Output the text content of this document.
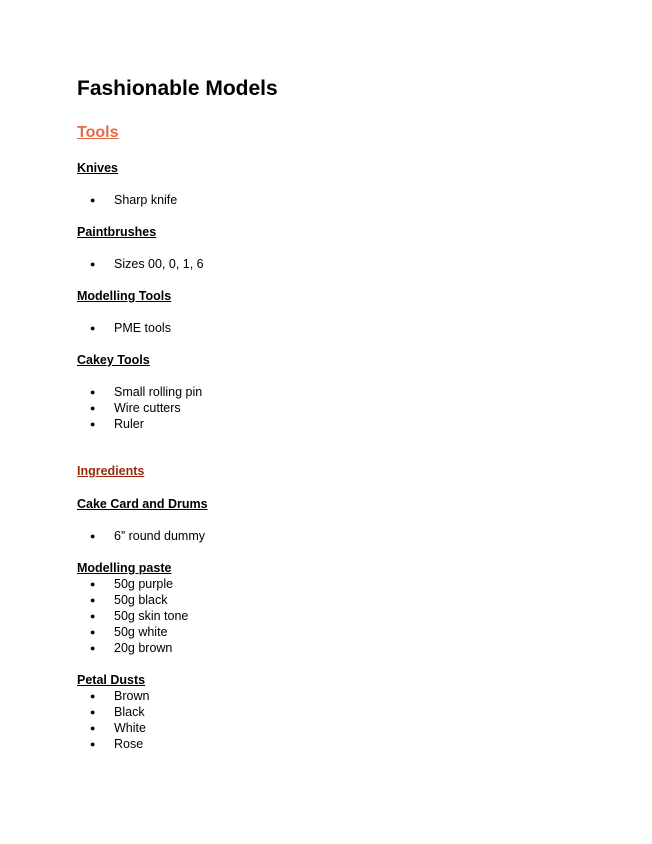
Fashionable Models
Tools
Knives
● Sharp knife
Paintbrushes
● Sizes 00, 0, 1, 6
Modelling Tools
● PME tools
Cakey Tools
● Small rolling pin
● Wire cutters
● Ruler
Ingredients
Cake Card and Drums
● 6” round dummy
Modelling paste
● 50g purple
● 50g black
● 50g skin tone
● 50g white
● 20g brown
Petal Dusts
● Brown
● Black
● White
● Rose
